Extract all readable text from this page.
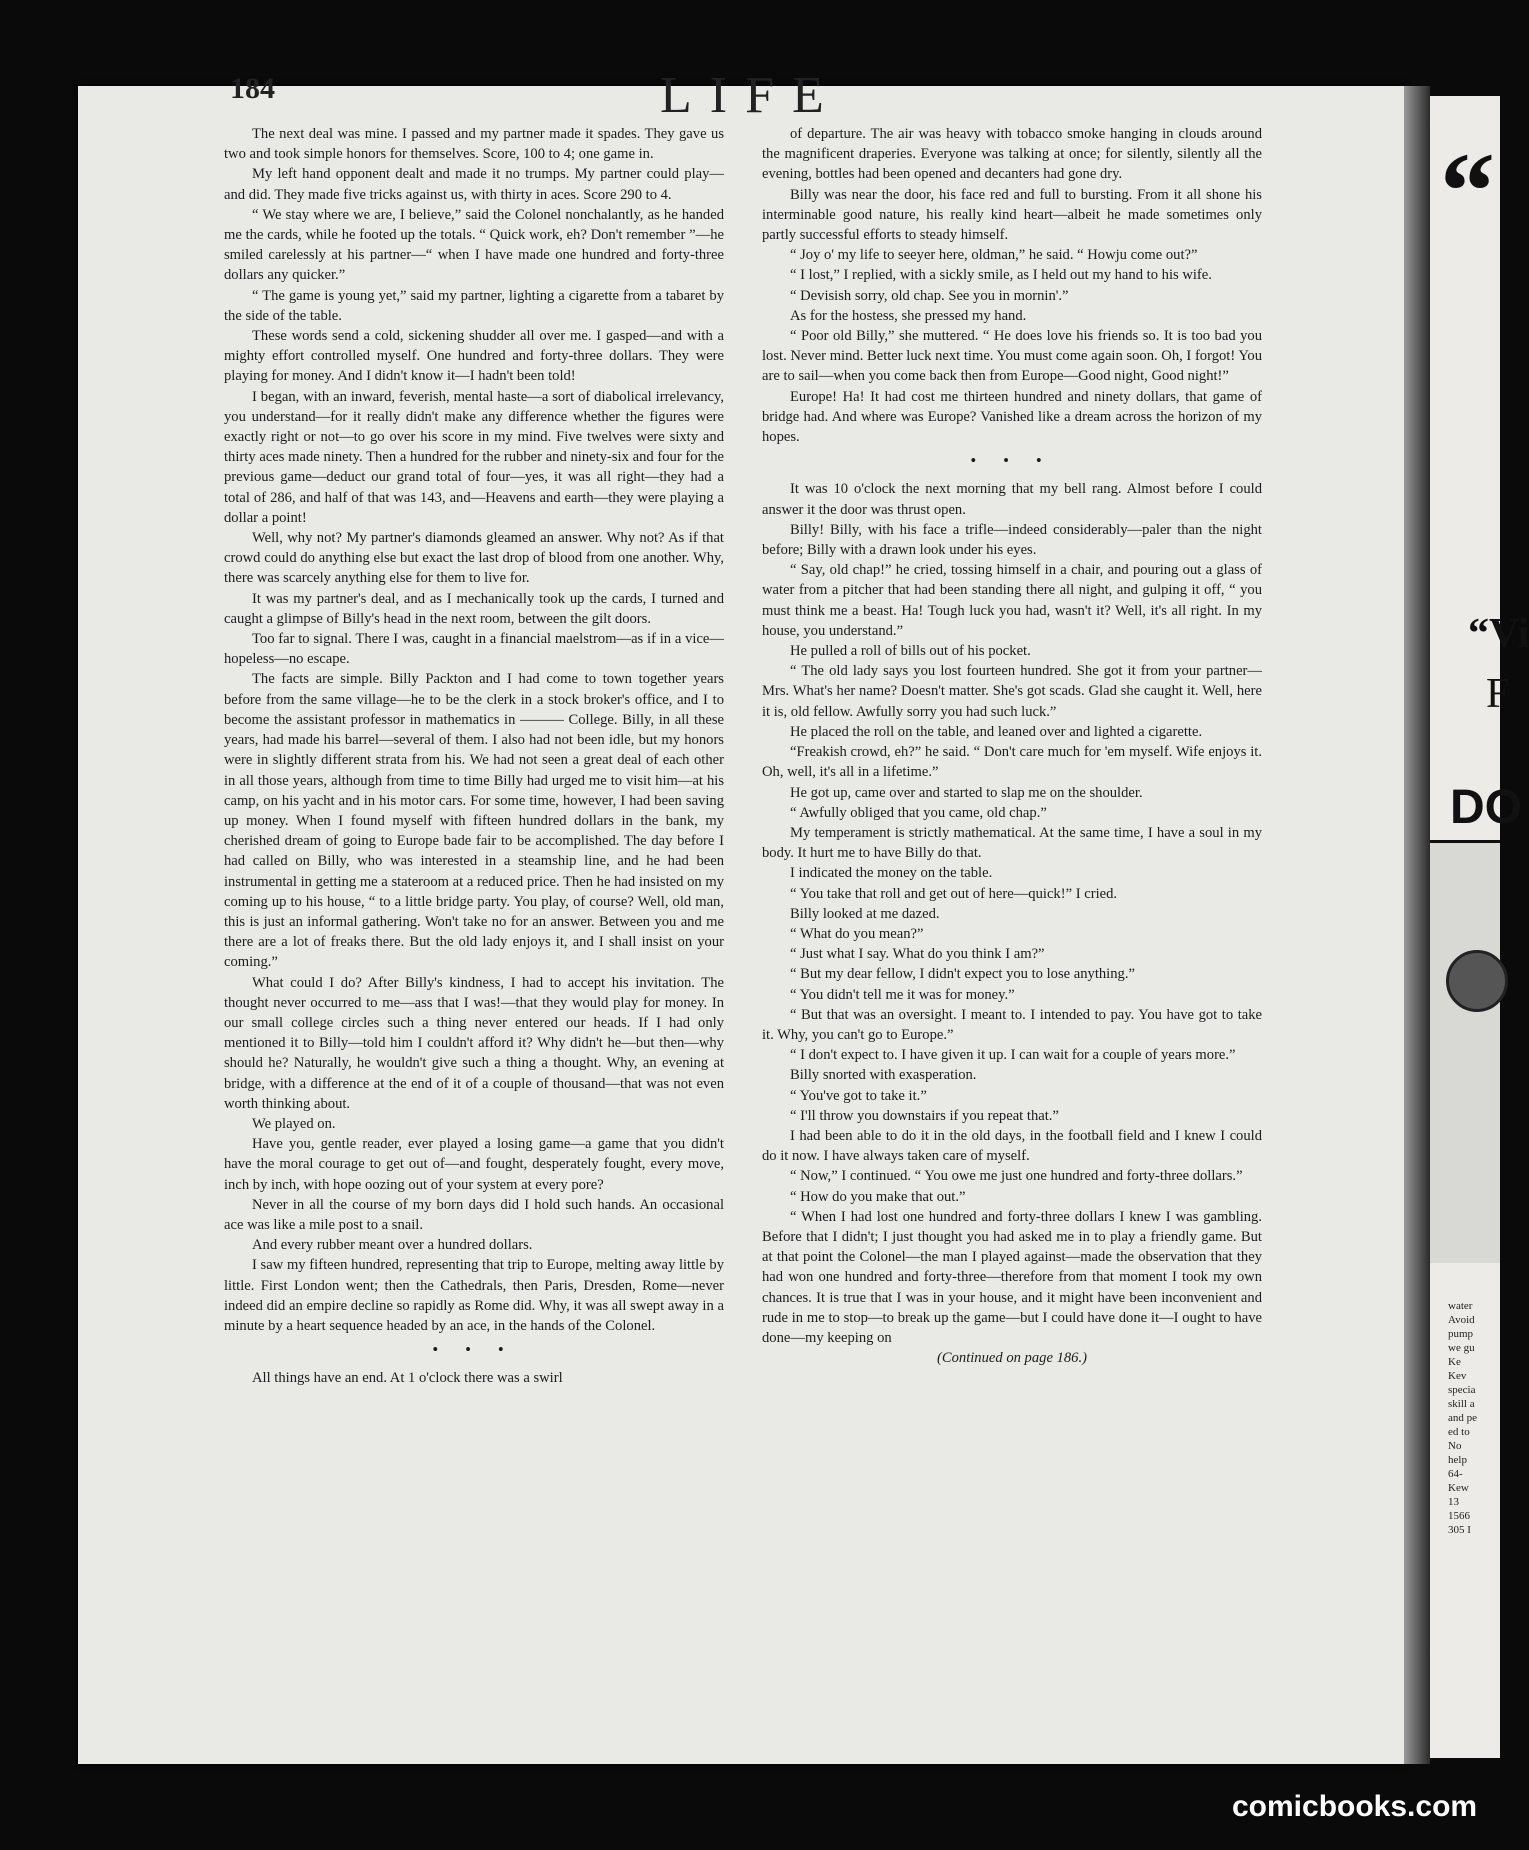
184	LIFE

The next deal was mine. I passed and my partner made it spades. They gave us two and took simple honors for themselves. Score, 100 to 4; one game in.

My left hand opponent dealt and made it no trumps. My partner could play—and did. They made five tricks against us, with thirty in aces. Score 290 to 4.

“ We stay where we are, I believe,” said the Colonel nonchalantly, as he handed me the cards, while he footed up the totals. “ Quick work, eh? Don't remember ”—he smiled carelessly at his partner—“ when I have made one hundred and forty-three dollars any quicker.”

“ The game is young yet,” said my partner, lighting a cigarette from a tabaret by the side of the table.

These words send a cold, sickening shudder all over me. I gasped—and with a mighty effort controlled myself. One hundred and forty-three dollars. They were playing for money. And I didn't know it—I hadn't been told!

I began, with an inward, feverish, mental haste—a sort of diabolical irrelevancy, you understand—for it really didn't make any difference whether the figures were exactly right or not—to go over his score in my mind. Five twelves were sixty and thirty aces made ninety. Then a hundred for the rubber and ninety-six and four for the previous game—deduct our grand total of four—yes, it was all right—they had a total of 286, and half of that was 143, and—Heavens and earth—they were playing a dollar a point!

Well, why not? My partner's diamonds gleamed an answer. Why not? As if that crowd could do anything else but exact the last drop of blood from one another. Why, there was scarcely anything else for them to live for.

It was my partner's deal, and as I mechanically took up the cards, I turned and caught a glimpse of Billy's head in the next room, between the gilt doors.

Too far to signal. There I was, caught in a financial maelstrom—as if in a vice—hopeless—no escape.

The facts are simple. Billy Packton and I had come to town together years before from the same village—he to be the clerk in a stock broker's office, and I to become the assistant professor in mathematics in ——— College. Billy, in all these years, had made his barrel—several of them. I also had not been idle, but my honors were in slightly different strata from his. We had not seen a great deal of each other in all those years, although from time to time Billy had urged me to visit him—at his camp, on his yacht and in his motor cars. For some time, however, I had been saving up money. When I found myself with fifteen hundred dollars in the bank, my cherished dream of going to Europe bade fair to be accomplished. The day before I had called on Billy, who was interested in a steamship line, and he had been instrumental in getting me a stateroom at a reduced price. Then he had insisted on my coming up to his house, “ to a little bridge party. You play, of course? Well, old man, this is just an informal gathering. Won't take no for an answer. Between you and me there are a lot of freaks there. But the old lady enjoys it, and I shall insist on your coming.”

What could I do? After Billy's kindness, I had to accept his invitation. The thought never occurred to me—ass that I was!—that they would play for money. In our small college circles such a thing never entered our heads. If I had only mentioned it to Billy—told him I couldn't afford it? Why didn't he—but then—why should he? Naturally, he wouldn't give such a thing a thought. Why, an evening at bridge, with a difference at the end of it of a couple of thousand—that was not even worth thinking about.

We played on.

Have you, gentle reader, ever played a losing game—a game that you didn't have the moral courage to get out of—and fought, desperately fought, every move, inch by inch, with hope oozing out of your system at every pore?

Never in all the course of my born days did I hold such hands. An occasional ace was like a mile post to a snail.

And every rubber meant over a hundred dollars.

I saw my fifteen hundred, representing that trip to Europe, melting away little by little. First London went; then the Cathedrals, then Paris, Dresden, Rome—never indeed did an empire decline so rapidly as Rome did. Why, it was all swept away in a minute by a heart sequence headed by an ace, in the hands of the Colonel.

• • •

All things have an end. At 1 o'clock there was a swirl

of departure. The air was heavy with tobacco smoke hanging in clouds around the magnificent draperies. Everyone was talking at once; for silently, silently all the evening, bottles had been opened and decanters had gone dry.

Billy was near the door, his face red and full to bursting. From it all shone his interminable good nature, his really kind heart—albeit he made sometimes only partly successful efforts to steady himself.

“ Joy o' my life to seeyer here, oldman,” he said. “ Howju come out?”

“ I lost,” I replied, with a sickly smile, as I held out my hand to his wife.

“ Devisish sorry, old chap. See you in mornin'.”

As for the hostess, she pressed my hand.

“ Poor old Billy,” she muttered. “ He does love his friends so. It is too bad you lost. Never mind. Better luck next time. You must come again soon. Oh, I forgot! You are to sail—when you come back then from Europe—Good night, Good night!”

Europe! Ha! It had cost me thirteen hundred and ninety dollars, that game of bridge had. And where was Europe? Vanished like a dream across the horizon of my hopes.

• • •

It was 10 o'clock the next morning that my bell rang. Almost before I could answer it the door was thrust open.

Billy! Billy, with his face a trifle—indeed considerably—paler than the night before; Billy with a drawn look under his eyes.

“ Say, old chap!” he cried, tossing himself in a chair, and pouring out a glass of water from a pitcher that had been standing there all night, and gulping it off, “ you must think me a beast. Ha! Tough luck you had, wasn't it? Well, it's all right. In my house, you understand.”

He pulled a roll of bills out of his pocket.

“ The old lady says you lost fourteen hundred. She got it from your partner—Mrs. What's her name? Doesn't matter. She's got scads. Glad she caught it. Well, here it is, old fellow. Awfully sorry you had such luck.”

He placed the roll on the table, and leaned over and lighted a cigarette.

“Freakish crowd, eh?” he said. “ Don't care much for 'em myself. Wife enjoys it. Oh, well, it's all in a lifetime.”

He got up, came over and started to slap me on the shoulder.

“ Awfully obliged that you came, old chap.”

My temperament is strictly mathematical. At the same time, I have a soul in my body. It hurt me to have Billy do that.

I indicated the money on the table.

“ You take that roll and get out of here—quick!” I cried.

Billy looked at me dazed.

“ What do you mean?”

“ Just what I say. What do you think I am?”

“ But my dear fellow, I didn't expect you to lose anything.”

“ You didn't tell me it was for money.”

“ But that was an oversight. I meant to. I intended to pay. You have got to take it. Why, you can't go to Europe.”

“ I don't expect to. I have given it up. I can wait for a couple of years more.”

Billy snorted with exasperation.

“ You've got to take it.”

“ I'll throw you downstairs if you repeat that.”

I had been able to do it in the old days, in the football field and I knew I could do it now. I have always taken care of myself.

“ Now,” I continued. “ You owe me just one hundred and forty-three dollars.”

“ How do you make that out.”

“ When I had lost one hundred and forty-three dollars I knew I was gambling. Before that I didn't; I just thought you had asked me in to play a friendly game. But at that point the Colonel—the man I played against—made the observation that they had won one hundred and forty-three—therefore from that moment I took my own chances. It is true that I was in your house, and it might have been inconvenient and rude in me to stop—to break up the game—but I could have done it—I ought to have done—my keeping on

(Continued on page 186.)

“
“Vi
F
DO
water
Avoid
pump
we gu
Ke
Kev
specia
skill a
and pe
ed to
No
help
64-
Kew
13
1566
305 I
comicbooks.com
